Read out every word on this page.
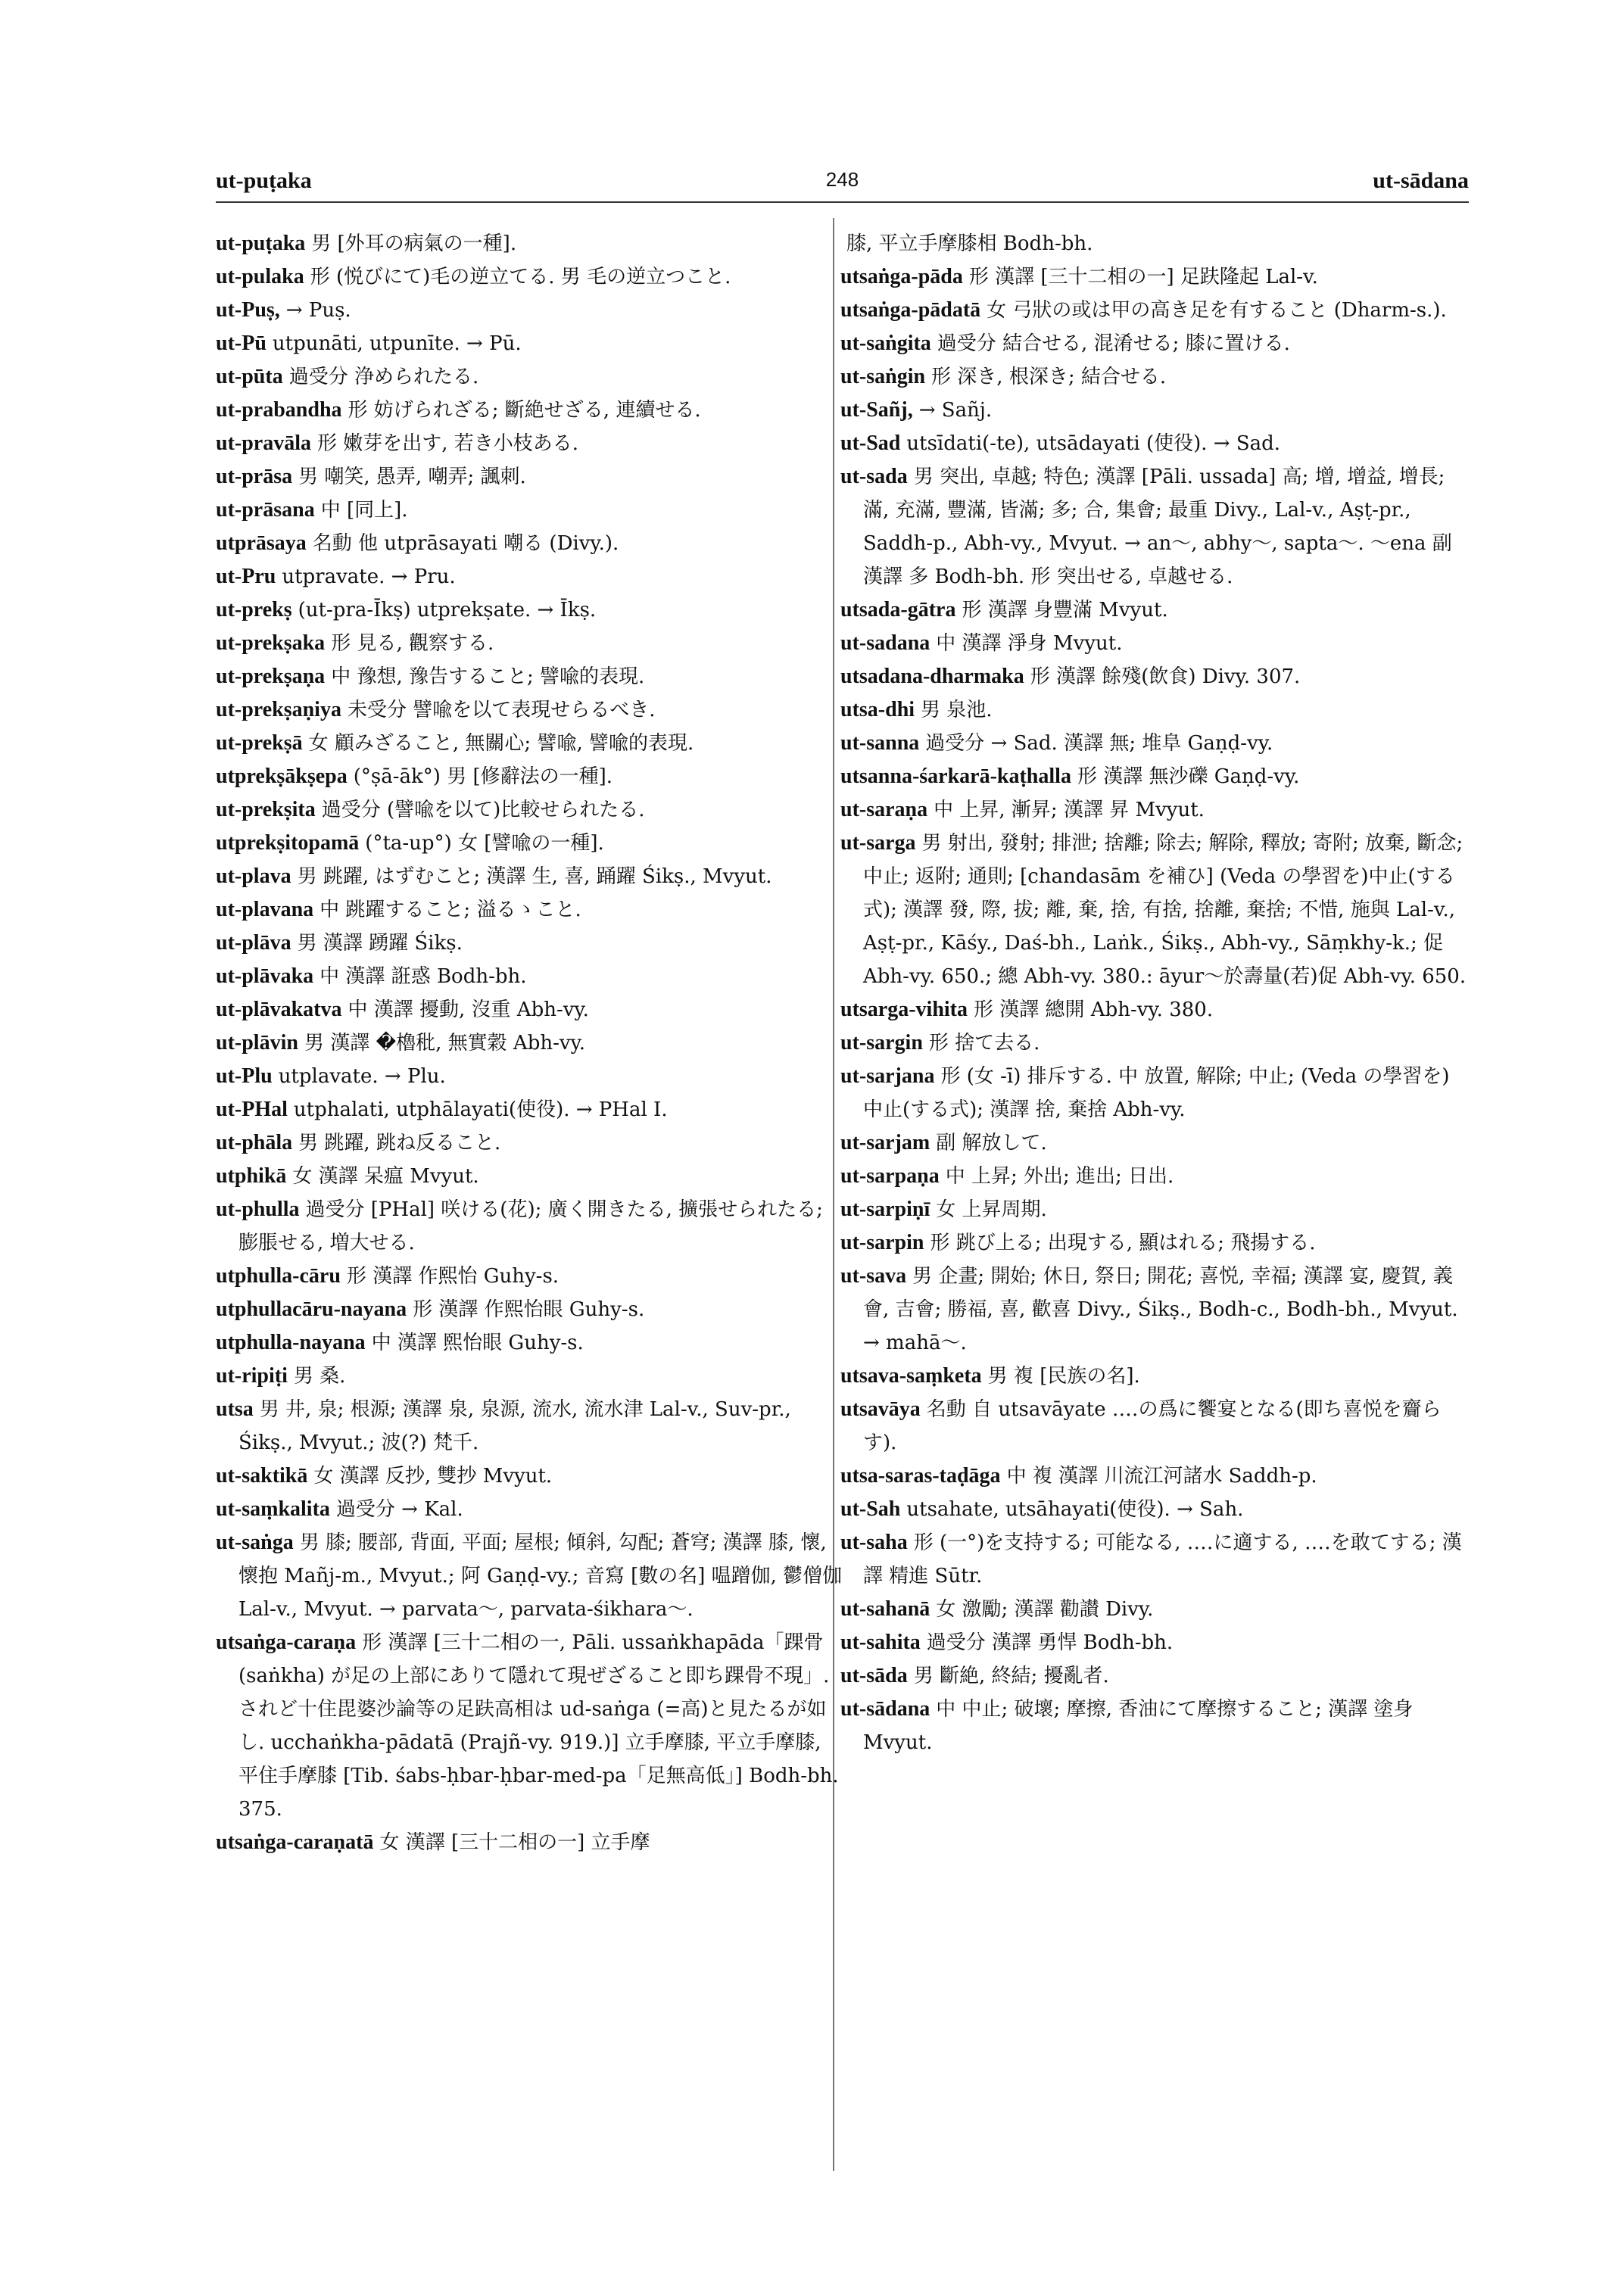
ut-puṭaka	248	ut-sādana
ut-puṭaka 男 [外耳の病氣の一種].
ut-pulaka 形 (悦びにて)毛の逆立てる. 男 毛の逆立つこと.
ut-Puṣ, → Puṣ.
ut-Pū utpunāti, utpunīte. → Pū.
ut-pūta 過受分 浄められたる.
ut-prabandha 形 妨げられざる; 斷絶せざる, 連續せる.
ut-pravāla 形 嫩芽を出す, 若き小枝ある.
ut-prāsa 男 嘲笑, 愚弄, 嘲弄; 諷刺.
ut-prāsana 中 [同上].
utprāsaya 名動 他 utprāsayati 嘲る (Divy.).
ut-Pru utpravate. → Pru.
ut-prekṣ (ut-pra-Īkṣ) utprekṣate. → Īkṣ.
ut-prekṣaka 形 見る, 觀察する.
ut-prekṣaṇa 中 豫想, 豫告すること; 譬喩的表現.
ut-prekṣaṇiya 未受分 譬喩を以て表現せらるべき.
ut-prekṣā 女 顧みざること, 無關心; 譬喩, 譬喩的表現.
utprekṣākṣepa (°ṣā-āk°) 男 [修辭法の一種].
ut-prekṣita 過受分 (譬喩を以て)比較せられたる.
utprekṣitopamā (°ta-up°) 女 [譬喩の一種].
ut-plava 男 跳躍, はずむこと; 漢譯 生, 喜, 踊躍 Śikṣ., Mvyut.
ut-plavana 中 跳躍すること; 溢るゝこと.
ut-plāva 男 漢譯 踴躍 Śikṣ.
ut-plāvaka 中 漢譯 誑惑 Bodh-bh.
ut-plāvakatva 中 漢譯 擾動, 沒重 Abh-vy.
ut-plāvin 男 漢譯 �櫓秕, 無實穀 Abh-vy.
ut-Plu utplavate. → Plu.
ut-PHal utphalati, utphālayati(使役). → PHal I.
ut-phāla 男 跳躍, 跳ね反ること.
utphikā 女 漢譯 呆瘟 Mvyut.
ut-phulla 過受分 [PHal] 咲ける(花); 廣く開きたる, 擴張せられたる; 膨脹せる, 増大せる.
utphulla-cāru 形 漢譯 作熙怡 Guhy-s.
utphullacāru-nayana 形 漢譯 作熙怡眼 Guhy-s.
utphulla-nayana 中 漢譯 熙怡眼 Guhy-s.
ut-ripiṭi 男 桑.
utsa 男 井, 泉; 根源; 漢譯 泉, 泉源, 流水, 流水津 Lal-v., Suv-pr., Śikṣ., Mvyut.; 波(?) 梵千.
ut-saktikā 女 漢譯 反抄, 雙抄 Mvyut.
ut-saṃkalita 過受分 → Kal.
ut-saṅga 男 膝; 腰部, 背面, 平面; 屋根; 傾斜, 勾配; 蒼穹; 漢譯 膝, 懷, 懷抱 Mañj-m., Mvyut.; 阿 Gaṇḍ-vy.; 音寫 [數の名] 嗢蹭伽, 鬱僧伽 Lal-v., Mvyut. → parvata〜, parvata-śikhara〜.
utsaṅga-caraṇa 形 漢譯 [三十二相の一, Pāli. ussaṅkhapāda「踝骨 (saṅkha) が足の上部にありて隱れて現ぜざること即ち踝骨不現」. されど十住毘婆沙論等の足趺高相は ud-saṅga (=高)と見たるが如し. ucchaṅkha-pādatā (Prajñ-vy. 919.)] 立手摩膝, 平立手摩膝, 平住手摩膝 [Tib. śabs-ḥbar-ḥbar-med-pa「足無高低」] Bodh-bh. 375.
utsaṅga-caraṇatā 女 漢譯 [三十二相の一] 立手摩
膝, 平立手摩膝相 Bodh-bh.
utsaṅga-pāda 形 漢譯 [三十二相の一] 足趺隆起 Lal-v.
utsaṅga-pādatā 女 弓狀の或は甲の高き足を有すること (Dharm-s.).
ut-saṅgita 過受分 結合せる, 混淆せる; 膝に置ける.
ut-saṅgin 形 深き, 根深き; 結合せる.
ut-Sañj, → Sañj.
ut-Sad utsīdati(-te), utsādayati (使役). → Sad.
ut-sada 男 突出, 卓越; 特色; 漢譯 [Pāli. ussada] 高; 增, 增益, 增長; 滿, 充滿, 豐滿, 皆滿; 多; 合, 集會; 最重 Divy., Lal-v., Aṣṭ-pr., Saddh-p., Abh-vy., Mvyut. → an〜, abhy〜, sapta〜. 〜ena 副 漢譯 多 Bodh-bh. 形 突出せる, 卓越せる.
utsada-gātra 形 漢譯 身豐滿 Mvyut.
ut-sadana 中 漢譯 淨身 Mvyut.
utsadana-dharmaka 形 漢譯 餘殘(飲食) Divy. 307.
utsa-dhi 男 泉池.
ut-sanna 過受分 → Sad. 漢譯 無; 堆阜 Gaṇḍ-vy.
utsanna-śarkarā-kaṭhalla 形 漢譯 無沙礫 Gaṇḍ-vy.
ut-saraṇa 中 上昇, 漸昇; 漢譯 昇 Mvyut.
ut-sarga 男 射出, 發射; 排泄; 捨離; 除去; 解除, 釋放; 寄附; 放棄, 斷念; 中止; 返附; 通則; [chandasām を補ひ] (Veda の學習を)中止(する式); 漢譯 發, 際, 拔; 離, 棄, 捨, 有捨, 捨離, 棄捨; 不惜, 施與 Lal-v., Aṣṭ-pr., Kāśy., Daś-bh., Laṅk., Śikṣ., Abh-vy., Sāṃkhy-k.; 促 Abh-vy. 650.; 總 Abh-vy. 380.: āyur〜於壽量(若)促 Abh-vy. 650.
utsarga-vihita 形 漢譯 總開 Abh-vy. 380.
ut-sargin 形 捨て去る.
ut-sarjana 形 (女 -ī) 排斥する. 中 放置, 解除; 中止; (Veda の學習を)中止(する式); 漢譯 捨, 棄捨 Abh-vy.
ut-sarjam 副 解放して.
ut-sarpaṇa 中 上昇; 外出; 進出; 日出.
ut-sarpiṇī 女 上昇周期.
ut-sarpin 形 跳び上る; 出現する, 顯はれる; 飛揚する.
ut-sava 男 企畫; 開始; 休日, 祭日; 開花; 喜悦, 幸福; 漢譯 宴, 慶賀, 義會, 吉會; 勝福, 喜, 歡喜 Divy., Śikṣ., Bodh-c., Bodh-bh., Mvyut. → mahā〜.
utsava-saṃketa 男 複 [民族の名].
utsavāya 名動 自 utsavāyate ‥‥の爲に饗宴となる(即ち喜悦を齎らす).
utsa-saras-taḍāga 中 複 漢譯 川流江河諸水 Saddh-p.
ut-Sah utsahate, utsāhayati(使役). → Sah.
ut-saha 形 (一°)を支持する; 可能なる, ‥‥に適する, ‥‥を敢てする; 漢譯 精進 Sūtr.
ut-sahanā 女 激勵; 漢譯 勸讃 Divy.
ut-sahita 過受分 漢譯 勇悍 Bodh-bh.
ut-sāda 男 斷絶, 終結; 擾亂者.
ut-sādana 中 中止; 破壞; 摩擦, 香油にて摩擦すること; 漢譯 塗身 Mvyut.
